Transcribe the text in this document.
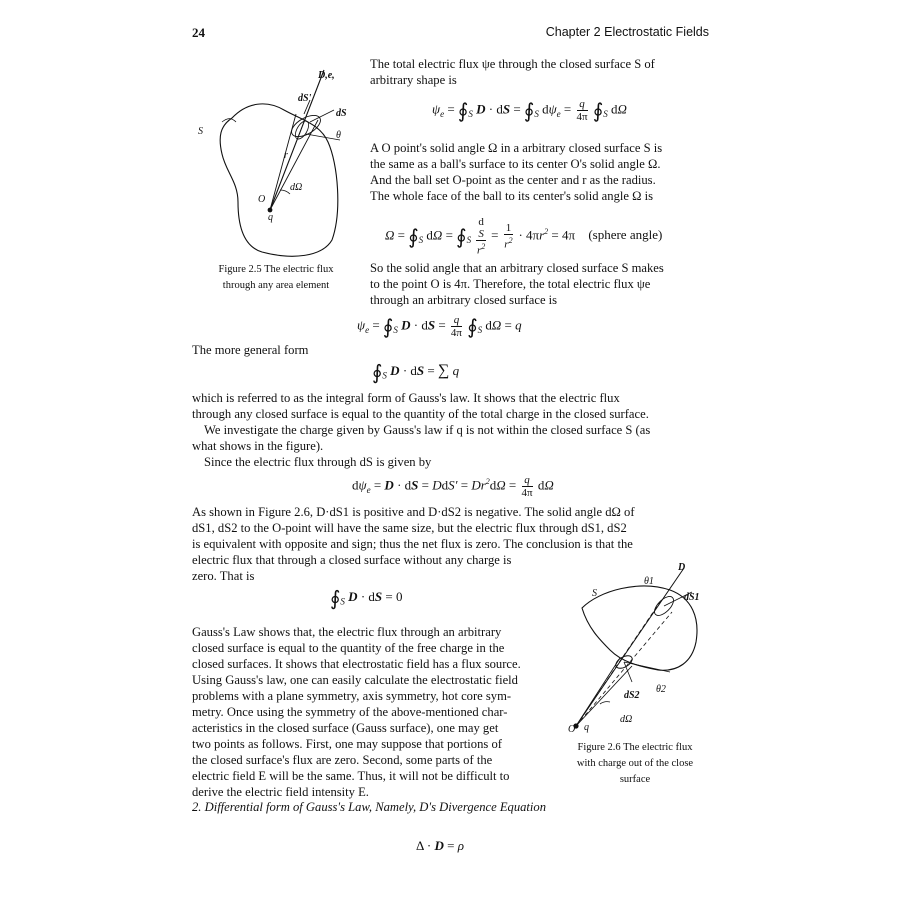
24	Chapter 2 Electrostatic Fields
D,e,
dS'
dS
θ
S
r
dΩ
O
q
Figure 2.5 The electric flux
through any area element
The total electric flux ψe through the closed surface S of
arbitrary shape is
$\psi_e$ = $∮_S$ D · dS = $∮_S$ $d\psi_e = \frac{q}{4\pi}$ $∮_S$ dΩ
A O point's solid angle Ω in a arbitrary closed surface S is
the same as a ball's surface to its center O's solid angle Ω.
And the ball set O-point as the center and r as the radius.
The whole face of the ball to its center's solid angle Ω is
$\Omega = ∮_S$ $d\Omega = ∮_S$ d
S
$r^2 = \frac{1}{r^2} \cdot 4\pi r^2 = 4\pi$ (sphere angle)
So the solid angle that an arbitrary closed surface S makes
to the point O is 4π. Therefore, the total electric flux ψe
through an arbitrary closed surface is
$\psi_e$ = $∮_S$ D · dS = $\frac{q}{4\pi}$ $∮_S$ dΩ = q
The more general form
$∮_S$ D · dS = ∑ q
which is referred to as the integral form of Gauss's law. It shows that the electric flux
through any closed surface is equal to the quantity of the total charge in the closed surface.
We investigate the charge given by Gauss's law if q is not within the closed surface S (as
what shows in the figure).
Since the electric flux through dS is given by
$d\psi_e = D$ · dS = $DdS' = Dr^2d\Omega = \frac{q}{4\pi}$ dΩ
As shown in Figure 2.6, D·dS1 is positive and D·dS2 is negative. The solid angle dΩ of
dS1, dS2 to the O-point will have the same size, but the electric flux through dS1, dS2
is equivalent with opposite and sign; thus the net flux is zero. The conclusion is that the
electric flux that through a closed surface without any charge is
zero. That is
$∮_S$ D · dS = 0
Gauss's Law shows that, the electric flux through an arbitrary
closed surface is equal to the quantity of the free charge in the
closed surfaces. It shows that electrostatic field has a flux source.
Using Gauss's law, one can easily calculate the electrostatic field
problems with a plane symmetry, axis symmetry, hot core sym-
metry. Once using the symmetry of the above-mentioned char-
acteristics in the closed surface (Gauss surface), one may get
two points as follows. First, one may suppose that portions of
the closed surface's flux are zero. Second, some parts of the
electric field E will be the same. Thus, it will not be difficult to
derive the electric field intensity E.
D
θ1
dS1
S
dS2
θ2
dΩ
O q
Figure 2.6 The electric flux
with charge out of the close
surface
2. Differential form of Gauss's Law, Namely, D's Divergence Equation
Δ · D = ρ
